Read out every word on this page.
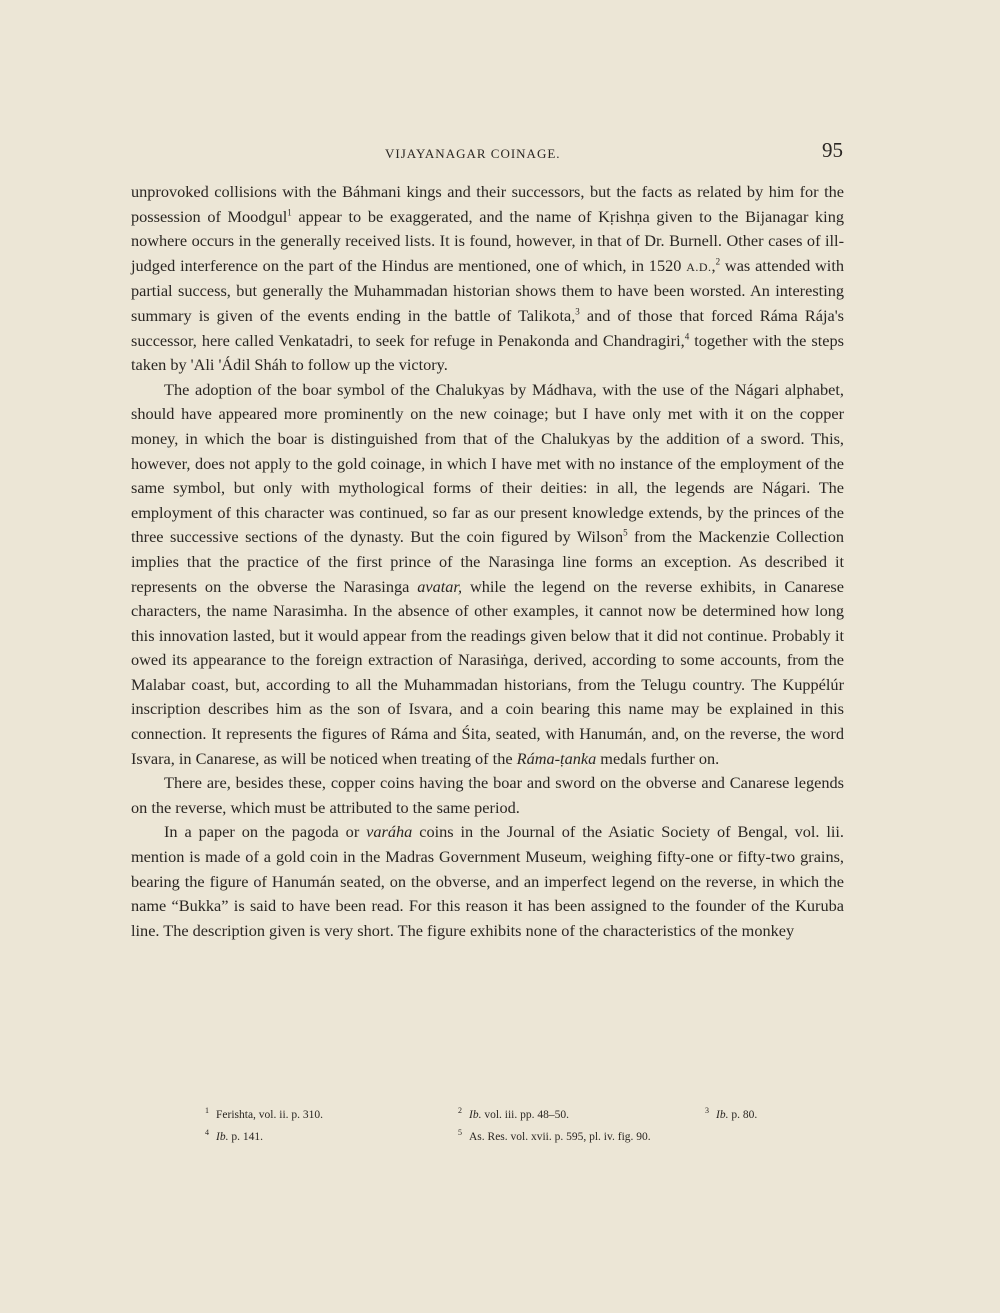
VIJAYANAGAR COINAGE.	95

unprovoked collisions with the Báhmani kings and their successors, but the facts as related by him for the possession of Moodgul$^1$ appear to be exaggerated, and the name of Kṛishṇa given to the Bijanagar king nowhere occurs in the generally received lists. It is found, however, in that of Dr. Burnell. Other cases of ill-judged interference on the part of the Hindus are mentioned, one of which, in 1520 A.D.,$^2$ was attended with partial success, but generally the Muhammadan historian shows them to have been worsted. An interesting summary is given of the events ending in the battle of Talikota,$^3$ and of those that forced Ráma Rája's successor, here called Venkatadri, to seek for refuge in Penakonda and Chandragiri,$^4$ together with the steps taken by 'Ali 'Ádil Sháh to follow up the victory.

The adoption of the boar symbol of the Chalukyas by Mádhava, with the use of the Nágari alphabet, should have appeared more prominently on the new coinage; but I have only met with it on the copper money, in which the boar is distinguished from that of the Chalukyas by the addition of a sword. This, however, does not apply to the gold coinage, in which I have met with no instance of the employment of the same symbol, but only with mythological forms of their deities: in all, the legends are Nágari. The employment of this character was continued, so far as our present knowledge extends, by the princes of the three successive sections of the dynasty. But the coin figured by Wilson$^5$ from the Mackenzie Collection implies that the practice of the first prince of the Narasinga line forms an exception. As described it represents on the obverse the Narasinga avatar, while the legend on the reverse exhibits, in Canarese characters, the name Narasimha. In the absence of other examples, it cannot now be determined how long this innovation lasted, but it would appear from the readings given below that it did not continue. Probably it owed its appearance to the foreign extraction of Narasiṅga, derived, according to some accounts, from the Malabar coast, but, according to all the Muhammadan historians, from the Telugu country. The Kuppélúr inscription describes him as the son of Isvara, and a coin bearing this name may be explained in this connection. It represents the figures of Ráma and Śita, seated, with Hanumán, and, on the reverse, the word Isvara, in Canarese, as will be noticed when treating of the Ráma-ṭanka medals further on.

There are, besides these, copper coins having the boar and sword on the obverse and Canarese legends on the reverse, which must be attributed to the same period.

In a paper on the pagoda or varáha coins in the Journal of the Asiatic Society of Bengal, vol. lii. mention is made of a gold coin in the Madras Government Museum, weighing fifty-one or fifty-two grains, bearing the figure of Hanumán seated, on the obverse, and an imperfect legend on the reverse, in which the name “Bukka” is said to have been read. For this reason it has been assigned to the founder of the Kuruba line. The description given is very short. The figure exhibits none of the characteristics of the monkey

$^1$ Ferishta, vol. ii. p. 310.	$^2$ Ib. vol. iii. pp. 48–50.	$^3$ Ib. p. 80.
$^4$ Ib. p. 141.	$^5$ As. Res. vol. xvii. p. 595, pl. iv. fig. 90.
